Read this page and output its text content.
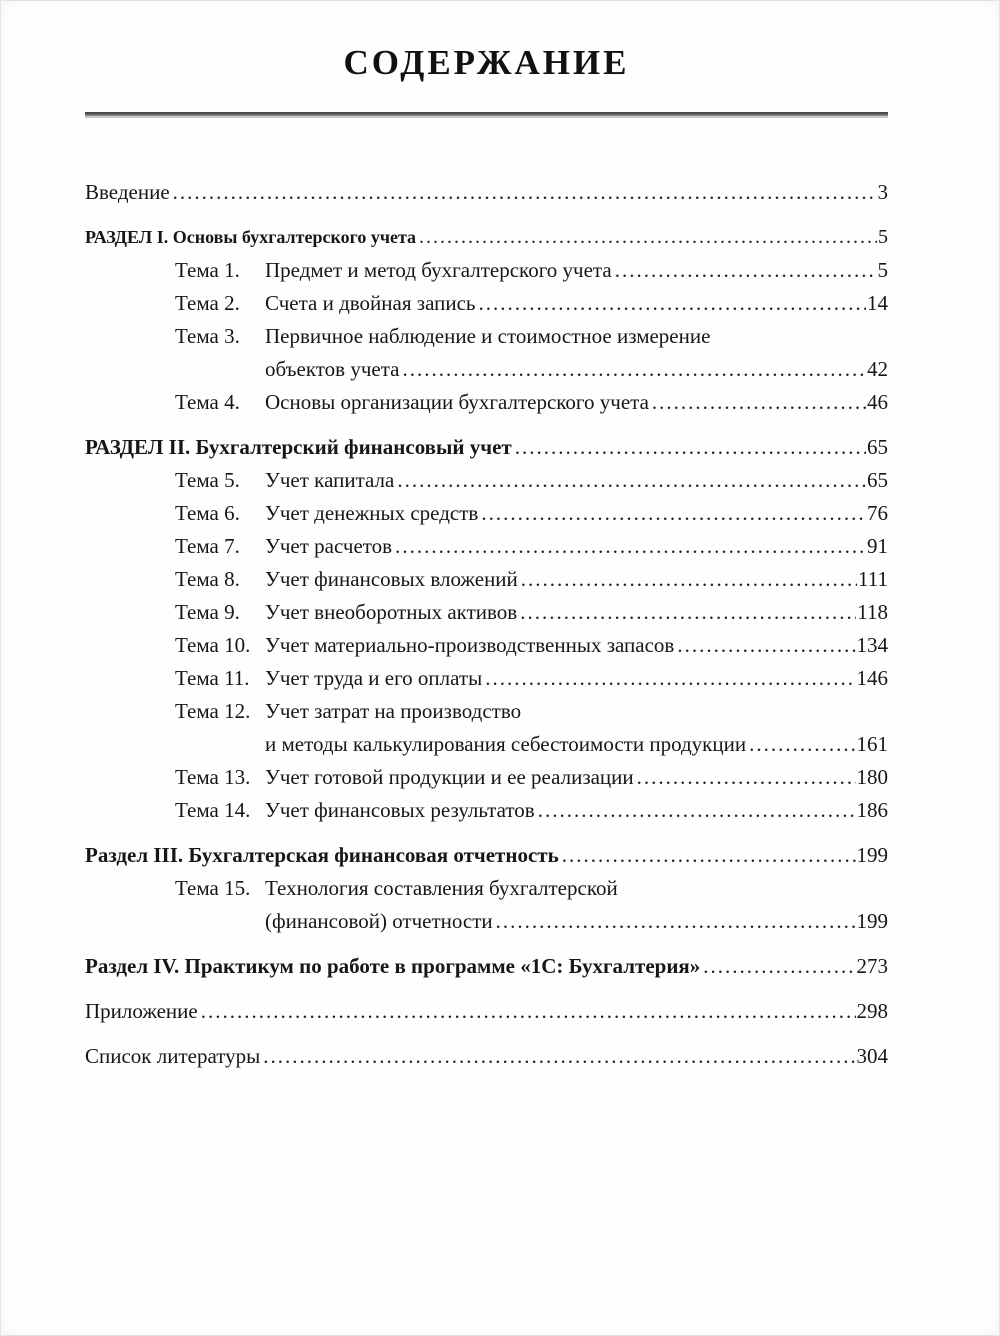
СОДЕРЖАНИЕ
Введение .....	3
РАЗДЕЛ I. Основы бухгалтерского учета .....	5
Тема 1.	Предмет и метод бухгалтерского учета .....	5
Тема 2.	Счета и двойная запись .....	14
Тема 3.	Первичное наблюдение и стоимостное измерение
объектов учета .....	42
Тема 4.	Основы организации бухгалтерского учета .....	46
РАЗДЕЛ II. Бухгалтерский финансовый учет .....	65
Тема 5.	Учет капитала .....	65
Тема 6.	Учет денежных средств .....	76
Тема 7.	Учет расчетов .....	91
Тема 8.	Учет финансовых вложений .....	111
Тема 9.	Учет внеоборотных активов .....	118
Тема 10. Учет материально-производственных запасов .....	134
Тема 11. Учет труда и его оплаты .....	146
Тема 12. Учет затрат на производство
и методы калькулирования себестоимости продукции .....	161
Тема 13. Учет готовой продукции и ее реализации .....	180
Тема 14. Учет финансовых результатов .....	186
Раздел III. Бухгалтерская финансовая отчетность .....	199
Тема 15. Технология составления бухгалтерской
(финансовой) отчетности .....	199
Раздел IV. Практикум по работе в программе «1С: Бухгалтерия» .....	273
Приложение .....	298
Список литературы .....	304
